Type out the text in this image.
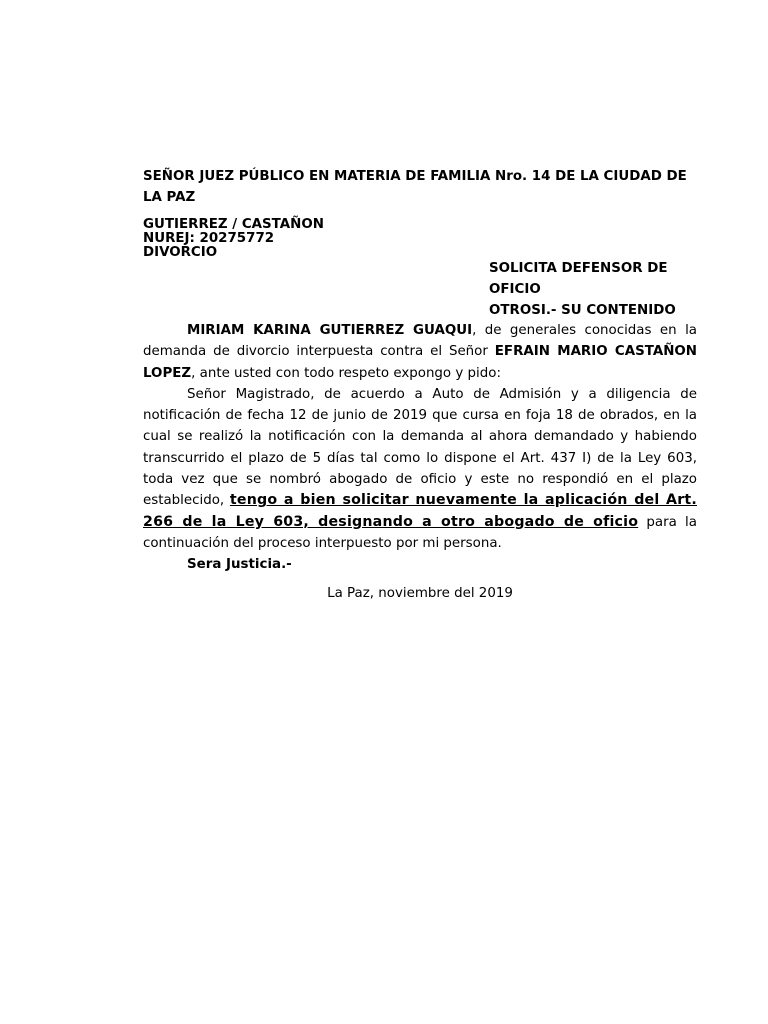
SEÑOR JUEZ PÚBLICO EN MATERIA DE FAMILIA Nro. 14 DE LA CIUDAD DE LA PAZ
GUTIERREZ / CASTAÑON
NUREJ: 20275772
DIVORCIO
SOLICITA DEFENSOR DE OFICIO
OTROSI.- SU CONTENIDO

MIRIAM KARINA GUTIERREZ GUAQUI, de generales conocidas en la demanda de divorcio interpuesta contra el Señor EFRAIN MARIO CASTAÑON LOPEZ, ante usted con todo respeto expongo y pido:

Señor Magistrado, de acuerdo a Auto de Admisión y a diligencia de notificación de fecha 12 de junio de 2019 que cursa en foja 18 de obrados, en la cual se realizó la notificación con la demanda al ahora demandado y habiendo transcurrido el plazo de 5 días tal como lo dispone el Art. 437 I) de la Ley 603, toda vez que se nombró abogado de oficio y este no respondió en el plazo establecido, tengo a bien solicitar nuevamente la aplicación del Art. 266 de la Ley 603, designando a otro abogado de oficio para la continuación del proceso interpuesto por mi persona.

Sera Justicia.-

La Paz, noviembre del 2019
